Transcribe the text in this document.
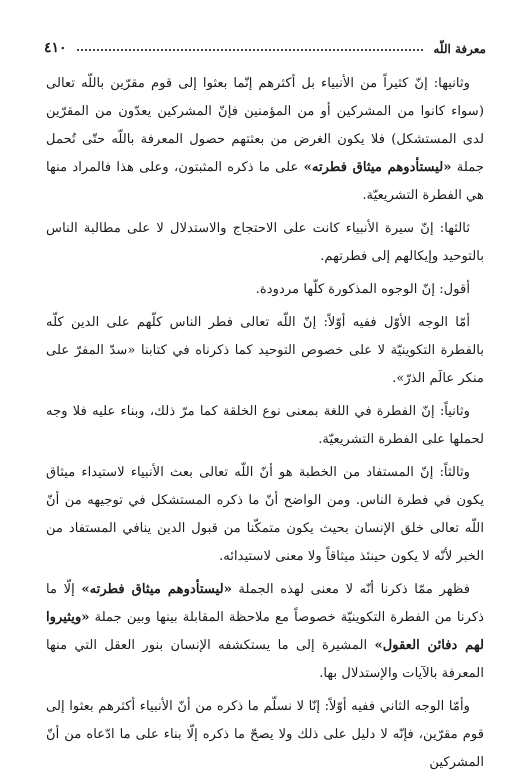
٤١٠	معرفة اللّه

وثانيها: إنّ كثيراً من الأنبياء بل أكثرهم إنّما بعثوا إلى قوم مقرّين باللّه تعالى (سواء كانوا من المشركين أو من المؤمنين فإنّ المشركين يعدّون من المقرّين لدى المستشكل) فلا يكون الغرض من بعثتهم حصول المعرفة باللّه حتّى تُحمل جملة «ليستأدوهم ميثاق فطرته» على ما ذكره المثبتون، وعلى هذا فالمراد منها هي الفطرة التشريعيّة.

ثالثها: إنّ سيرة الأنبياء كانت على الاحتجاج والاستدلال لا على مطالبة الناس بالتوحيد وإيكالهم إلى فطرتهم.

أقول: إنّ الوجوه المذكورة كلّها مردودة.

أمّا الوجه الأوّل ففيه أوّلاً: إنّ اللّه تعالى فطر الناس كلّهم على الدين كلّه بالفطرة التكوينيّة لا على خصوص التوحيد كما ذكرناه في كتابنا «سدّ المفرّ على منكر عالَم الذرّ».

وثانياً: إنّ الفطرة في اللغة بمعنى نوع الخلقة كما مرّ ذلك، وبناء عليه فلا وجه لحملها على الفطرة التشريعيّة.

وثالثاً: إنّ المستفاد من الخطبة هو أنّ اللّه تعالى بعث الأنبياء لاستيداء ميثاق يكون في فطرة الناس. ومن الواضح أنّ ما ذكره المستشكل في توجيهه من أنّ اللّه تعالى خلق الإنسان بحيث يكون متمكّنا من قبول الدين ينافي المستفاد من الخبر لأنّه لا يكون حينئذ ميثاقاً ولا معنى لاستيدائه.

فظهر ممّا ذكرنا أنّه لا معنى لهذه الجملة «ليستأدوهم ميثاق فطرته» إلّا ما ذكرنا من الفطرة التكوينيّة خصوصاً مع ملاحظة المقابلة بينها وبين جملة «ويثيروا لهم دفائن العقول» المشيرة إلى ما يستكشفه الإنسان بنور العقل التي منها المعرفة بالآيات والإستدلال بها.

وأمّا الوجه الثاني ففيه أوّلاً: إنّا لا نسلّم ما ذكره من أنّ الأنبياء أكثرهم بعثوا إلى قوم مقرّين، فإنّه لا دليل على ذلك ولا يصحّ ما ذكره إلّا بناء على ما ادّعاه من أنّ المشركين
